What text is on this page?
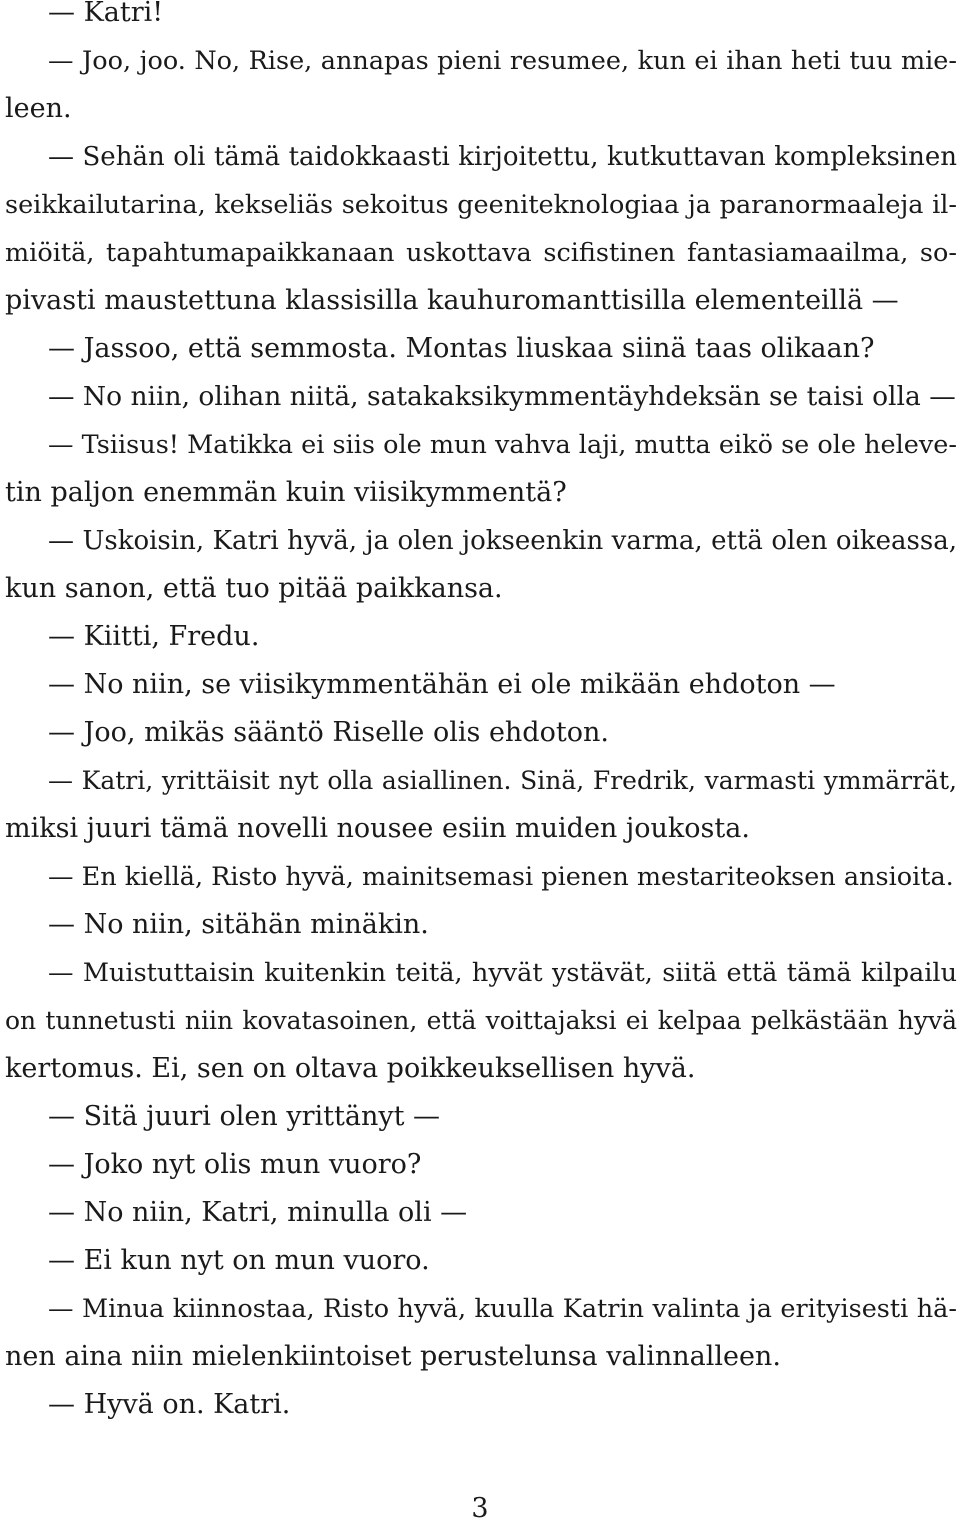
— Katri!
— Joo, joo. No, Rise, annapas pieni resumee, kun ei ihan heti tuu mie-
leen.
— Sehän oli tämä taidokkaasti kirjoitettu, kutkuttavan kompleksinen
seikkailutarina, kekseliäs sekoitus geeniteknologiaa ja paranormaaleja il-
miöitä, tapahtumapaikkanaan uskottava scifistinen fantasiamaailma, so-
pivasti maustettuna klassisilla kauhuromanttisilla elementeillä —
— Jassoo, että semmosta. Montas liuskaa siinä taas olikaan?
— No niin, olihan niitä, satakaksikymmentäyhdeksän se taisi olla —
— Tsiisus! Matikka ei siis ole mun vahva laji, mutta eikö se ole heleve-
tin paljon enemmän kuin viisikymmentä?
— Uskoisin, Katri hyvä, ja olen jokseenkin varma, että olen oikeassa,
kun sanon, että tuo pitää paikkansa.
— Kiitti, Fredu.
— No niin, se viisikymmentähän ei ole mikään ehdoton —
— Joo, mikäs sääntö Riselle olis ehdoton.
— Katri, yrittäisit nyt olla asiallinen. Sinä, Fredrik, varmasti ymmärrät,
miksi juuri tämä novelli nousee esiin muiden joukosta.
— En kiellä, Risto hyvä, mainitsemasi pienen mestariteoksen ansioita.
— No niin, sitähän minäkin.
— Muistuttaisin kuitenkin teitä, hyvät ystävät, siitä että tämä kilpailu
on tunnetusti niin kovatasoinen, että voittajaksi ei kelpaa pelkästään hyvä
kertomus. Ei, sen on oltava poikkeuksellisen hyvä.
— Sitä juuri olen yrittänyt —
— Joko nyt olis mun vuoro?
— No niin, Katri, minulla oli —
— Ei kun nyt on mun vuoro.
— Minua kiinnostaa, Risto hyvä, kuulla Katrin valinta ja erityisesti hä-
nen aina niin mielenkiintoiset perustelunsa valinnalleen.
— Hyvä on. Katri.
3
